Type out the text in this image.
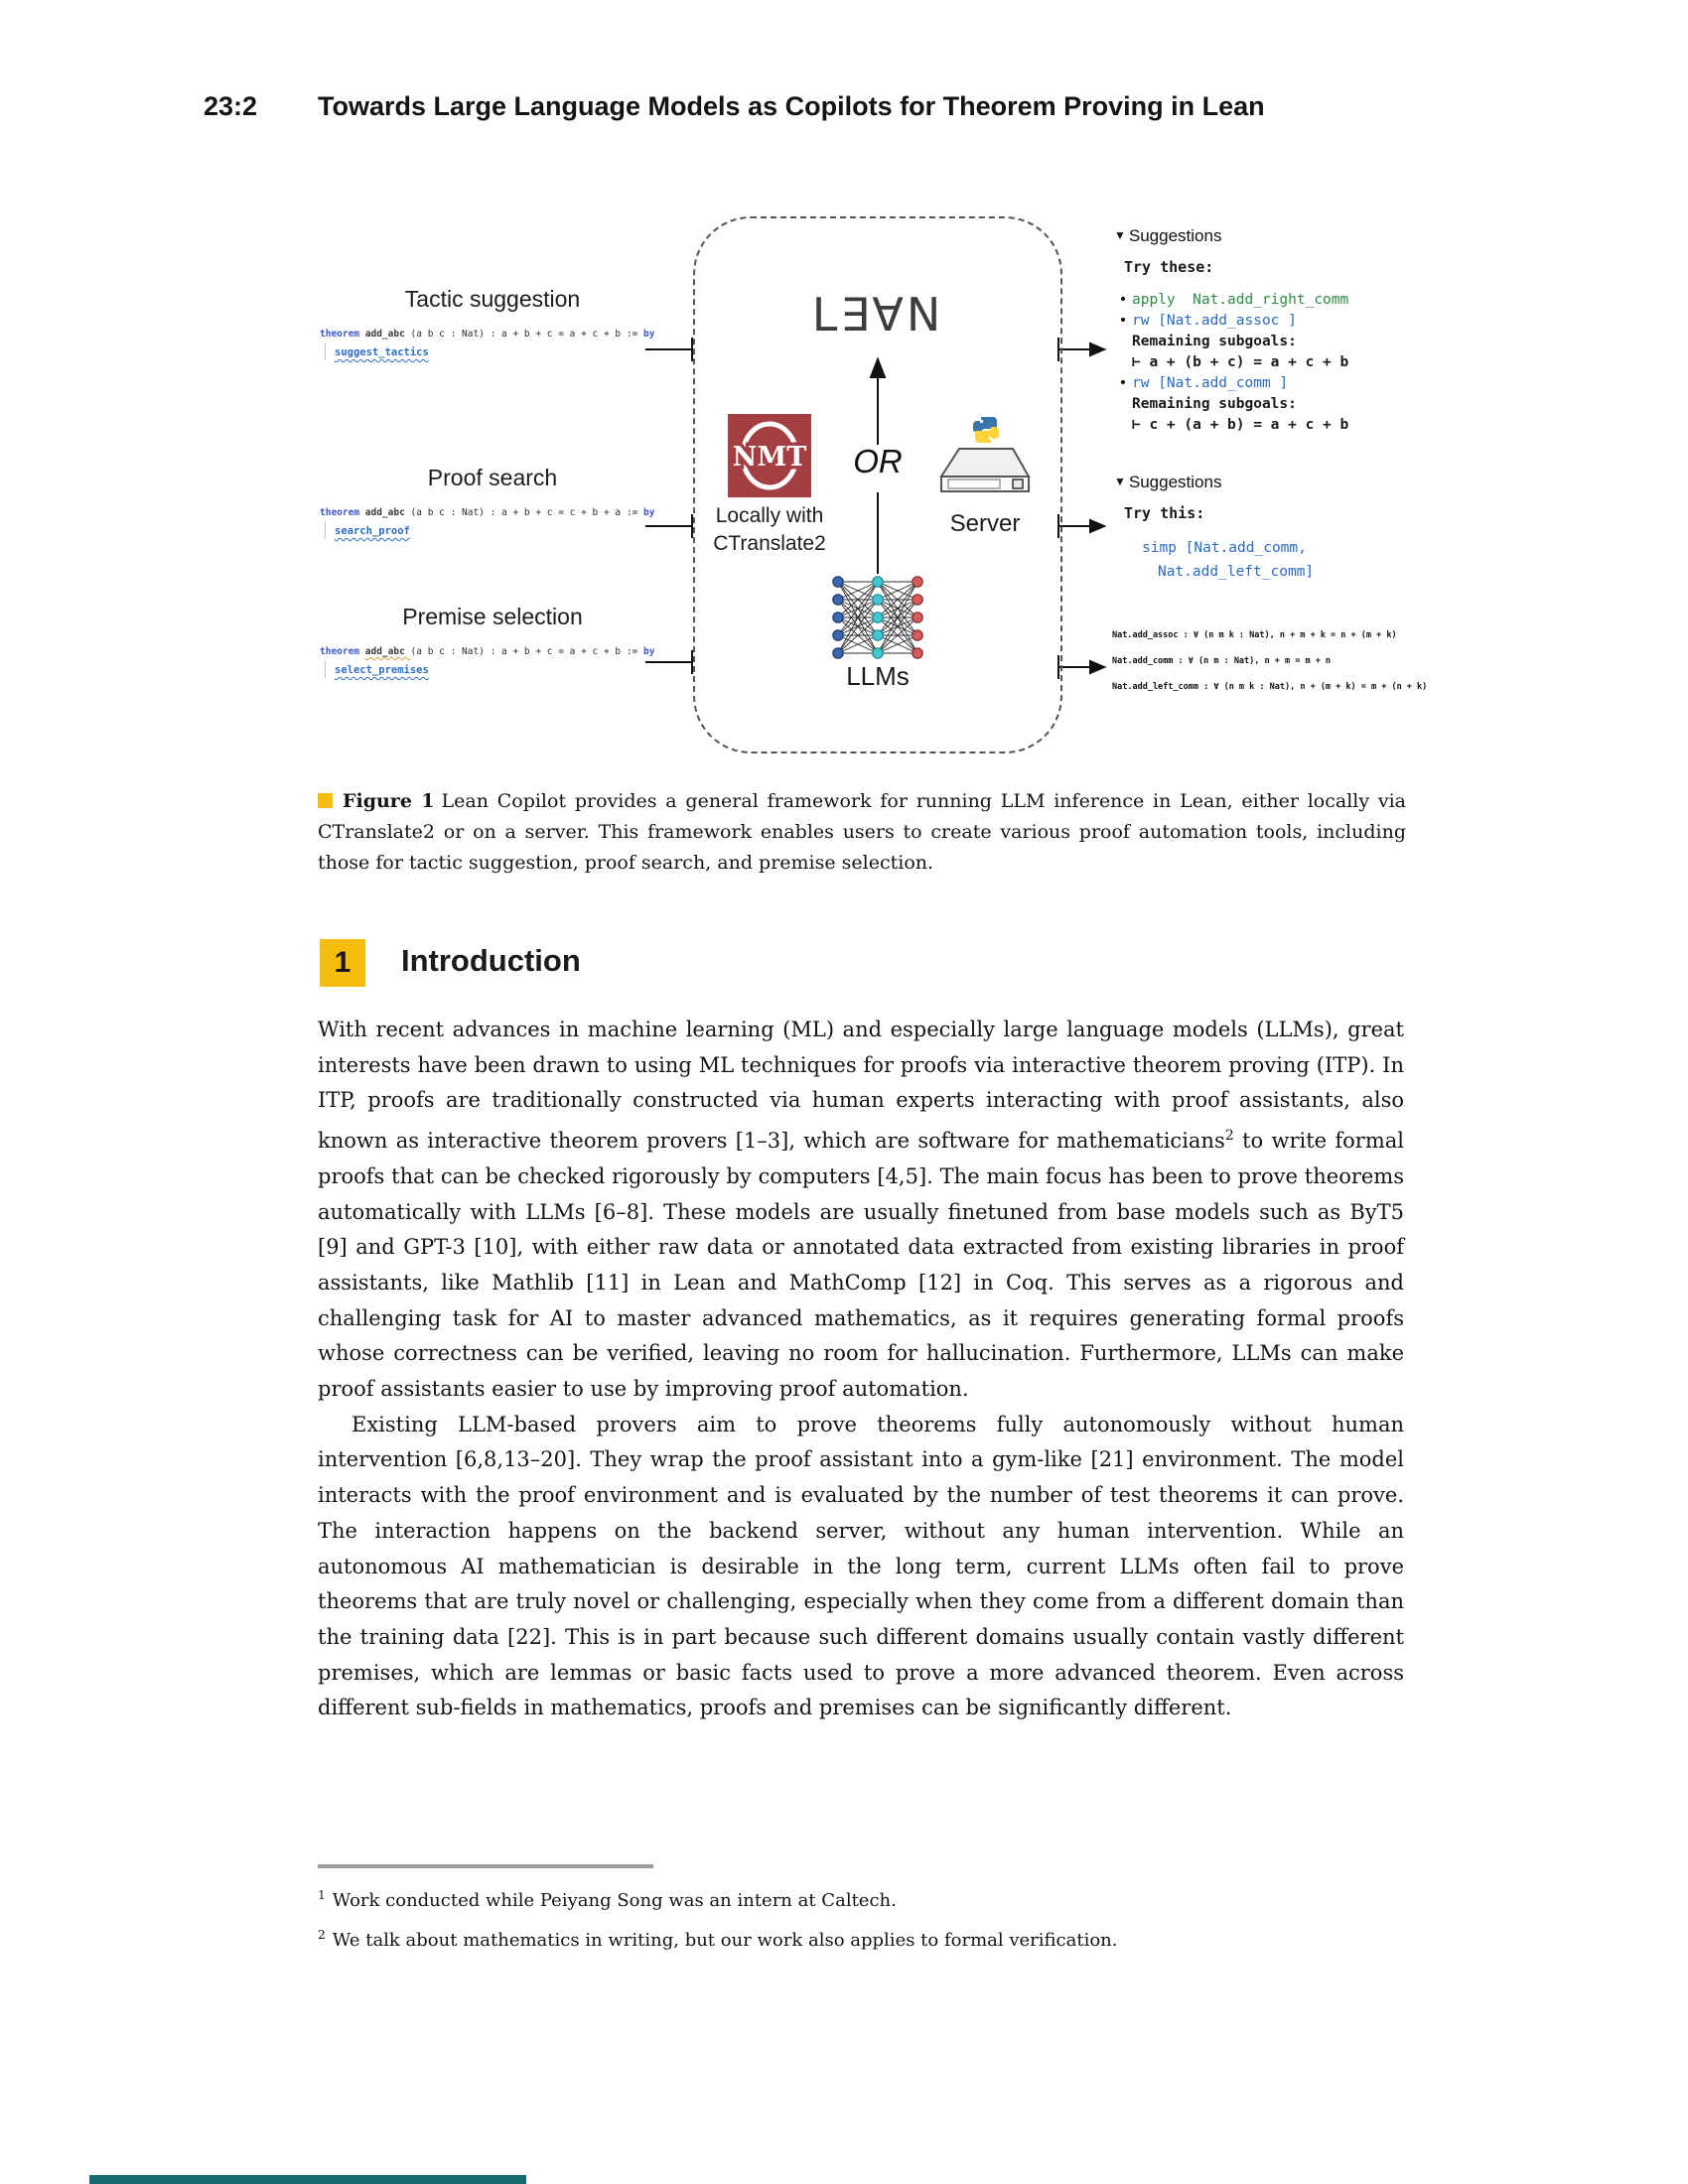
23:2 Towards Large Language Models as Copilots for Theorem Proving in Lean
Tactic suggestion
theorem add_abc (a b c : Nat) : a + b + c = a + c + b := by
suggest_tactics
Proof search
theorem add_abc (a b c : Nat) : a + b + c = c + b + a := by
search_proof
Premise selection
theorem add_abc (a b c : Nat) : a + b + c = a + c + b := by
select_premises
L∃∀N
NMT	OR
Locally with
CTranslate2
Server
LLMs
▼ Suggestions
Try these:
• apply  Nat.add_right_comm
• rw [Nat.add_assoc ]
Remaining subgoals:
⊢ a + (b + c) = a + c + b
• rw [Nat.add_comm ]
Remaining subgoals:
⊢ c + (a + b) = a + c + b
▼ Suggestions
Try this:
simp [Nat.add_comm,
Nat.add_left_comm]
Nat.add_assoc : ∀ (n m k : Nat), n + m + k = n + (m + k)
Nat.add_comm : ∀ (n m : Nat), n + m = m + n
Nat.add_left_comm : ∀ (n m k : Nat), n + (m + k) = m + (n + k)
Figure 1 Lean Copilot provides a general framework for running LLM inference in Lean, either locally via CTranslate2 or on a server. This framework enables users to create various proof automation tools, including those for tactic suggestion, proof search, and premise selection.
1	Introduction

With recent advances in machine learning (ML) and especially large language models (LLMs), great interests have been drawn to using ML techniques for proofs via interactive theorem proving (ITP). In ITP, proofs are traditionally constructed via human experts interacting with proof assistants, also known as interactive theorem provers [1–3], which are software for mathematicians$^2$ to write formal proofs that can be checked rigorously by computers [4,5]. The main focus has been to prove theorems automatically with LLMs [6–8]. These models are usually finetuned from base models such as ByT5 [9] and GPT-3 [10], with either raw data or annotated data extracted from existing libraries in proof assistants, like Mathlib [11] in Lean and MathComp [12] in Coq. This serves as a rigorous and challenging task for AI to master advanced mathematics, as it requires generating formal proofs whose correctness can be verified, leaving no room for hallucination. Furthermore, LLMs can make proof assistants easier to use by improving proof automation.

Existing LLM-based provers aim to prove theorems fully autonomously without human intervention [6,8,13–20]. They wrap the proof assistant into a gym-like [21] environment. The model interacts with the proof environment and is evaluated by the number of test theorems it can prove. The interaction happens on the backend server, without any human intervention. While an autonomous AI mathematician is desirable in the long term, current LLMs often fail to prove theorems that are truly novel or challenging, especially when they come from a different domain than the training data [22]. This is in part because such different domains usually contain vastly different premises, which are lemmas or basic facts used to prove a more advanced theorem. Even across different sub-fields in mathematics, proofs and premises can be significantly different.

$^1$ Work conducted while Peiyang Song was an intern at Caltech.
$^2$ We talk about mathematics in writing, but our work also applies to formal verification.
